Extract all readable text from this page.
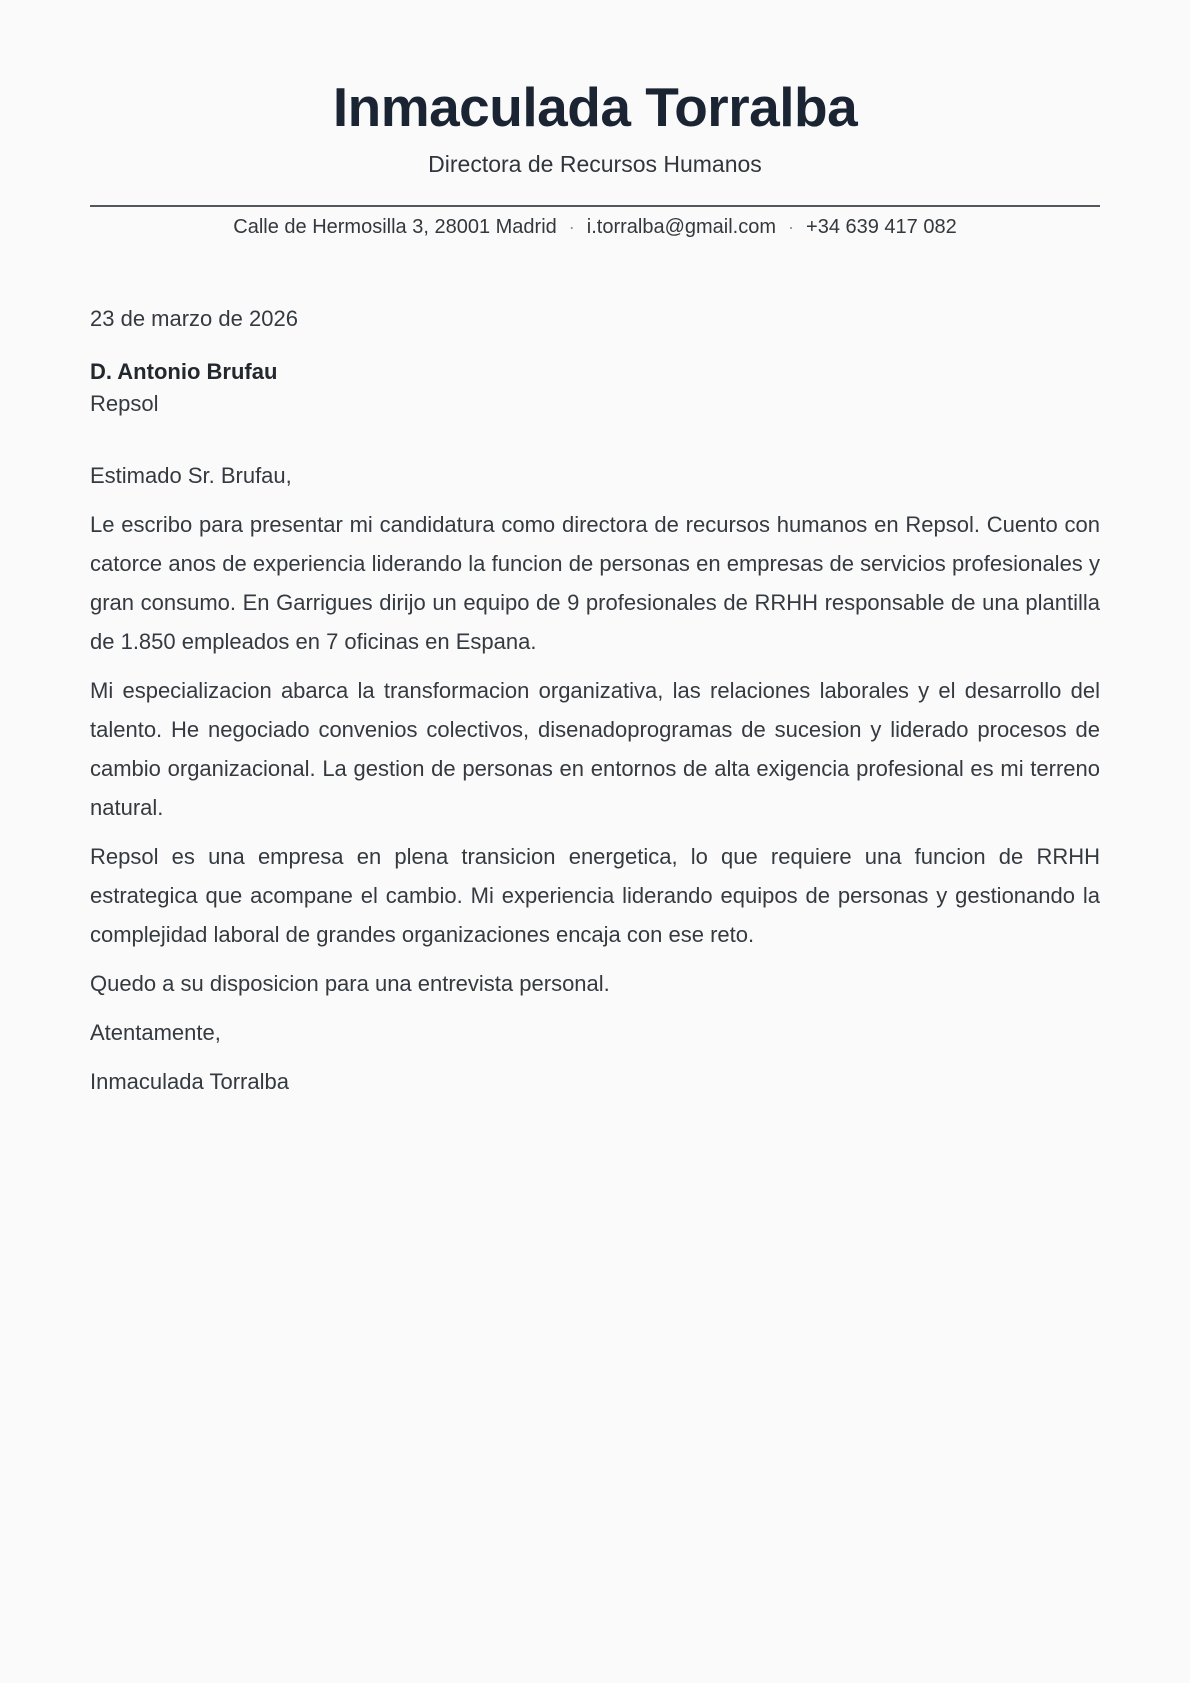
Inmaculada Torralba
Directora de Recursos Humanos
Calle de Hermosilla 3, 28001 Madrid · i.torralba@gmail.com · +34 639 417 082

23 de marzo de 2026

D. Antonio Brufau
Repsol

Estimado Sr. Brufau,

Le escribo para presentar mi candidatura como directora de recursos humanos en Repsol. Cuento con catorce anos de experiencia liderando la funcion de personas en empresas de servicios profesionales y gran consumo. En Garrigues dirijo un equipo de 9 profesionales de RRHH responsable de una plantilla de 1.850 empleados en 7 oficinas en Espana.

Mi especializacion abarca la transformacion organizativa, las relaciones laborales y el desarrollo del talento. He negociado convenios colectivos, disenadoprogramas de sucesion y liderado procesos de cambio organizacional. La gestion de personas en entornos de alta exigencia profesional es mi terreno natural.

Repsol es una empresa en plena transicion energetica, lo que requiere una funcion de RRHH estrategica que acompane el cambio. Mi experiencia liderando equipos de personas y gestionando la complejidad laboral de grandes organizaciones encaja con ese reto.

Quedo a su disposicion para una entrevista personal.

Atentamente,

Inmaculada Torralba
